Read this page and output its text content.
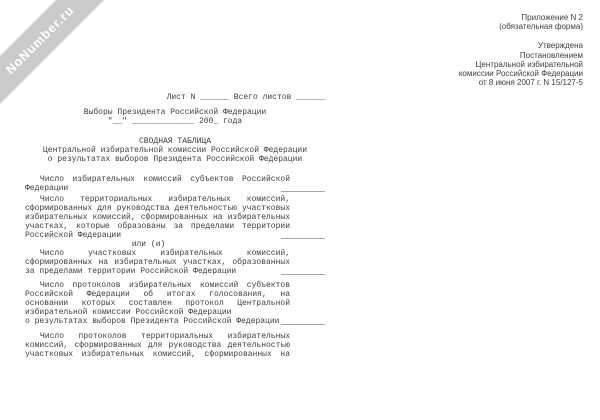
NoNumber.ru	Приложение N 2
(обязательная форма)
Утверждена
Постановлением
Центральной избирательной
комиссии Российской Федерации
от 8 июня 2007 г. N 15/127-5
Лист N ______ Всего листов ______
Выборы Президента Российской Федерации
"__" _____________ 200_ года
СВОДНАЯ ТАБЛИЦА
Центральной избирательной комиссии Российской Федерации
о результатах выборов Президента Российской Федерации
Число избирательных комиссий субъектов Российской
Федерации
Число территориальных избирательных комиссий,
сформированных для руководства деятельностью участковых
избирательных комиссий, сформированных на избирательных
участках, которые образованы за пределами территории
Российской Федерации
или (и)
Число участковых избирательных комиссий,
сформированных на избирательных участках, образованных
за пределами территории Российской Федерации
Число протоколов избирательных комиссий субъектов
Российской Федерации об итогах голосования, на
основании которых составлен протокол Центральной
избирательной комиссии Российской Федерации
о результатах выборов Президента Российской Федерации
Число протоколов территориальных избирательных
комиссий, сформированных для руководства деятельностью
участковых избирательных комиссий, сформированных на
